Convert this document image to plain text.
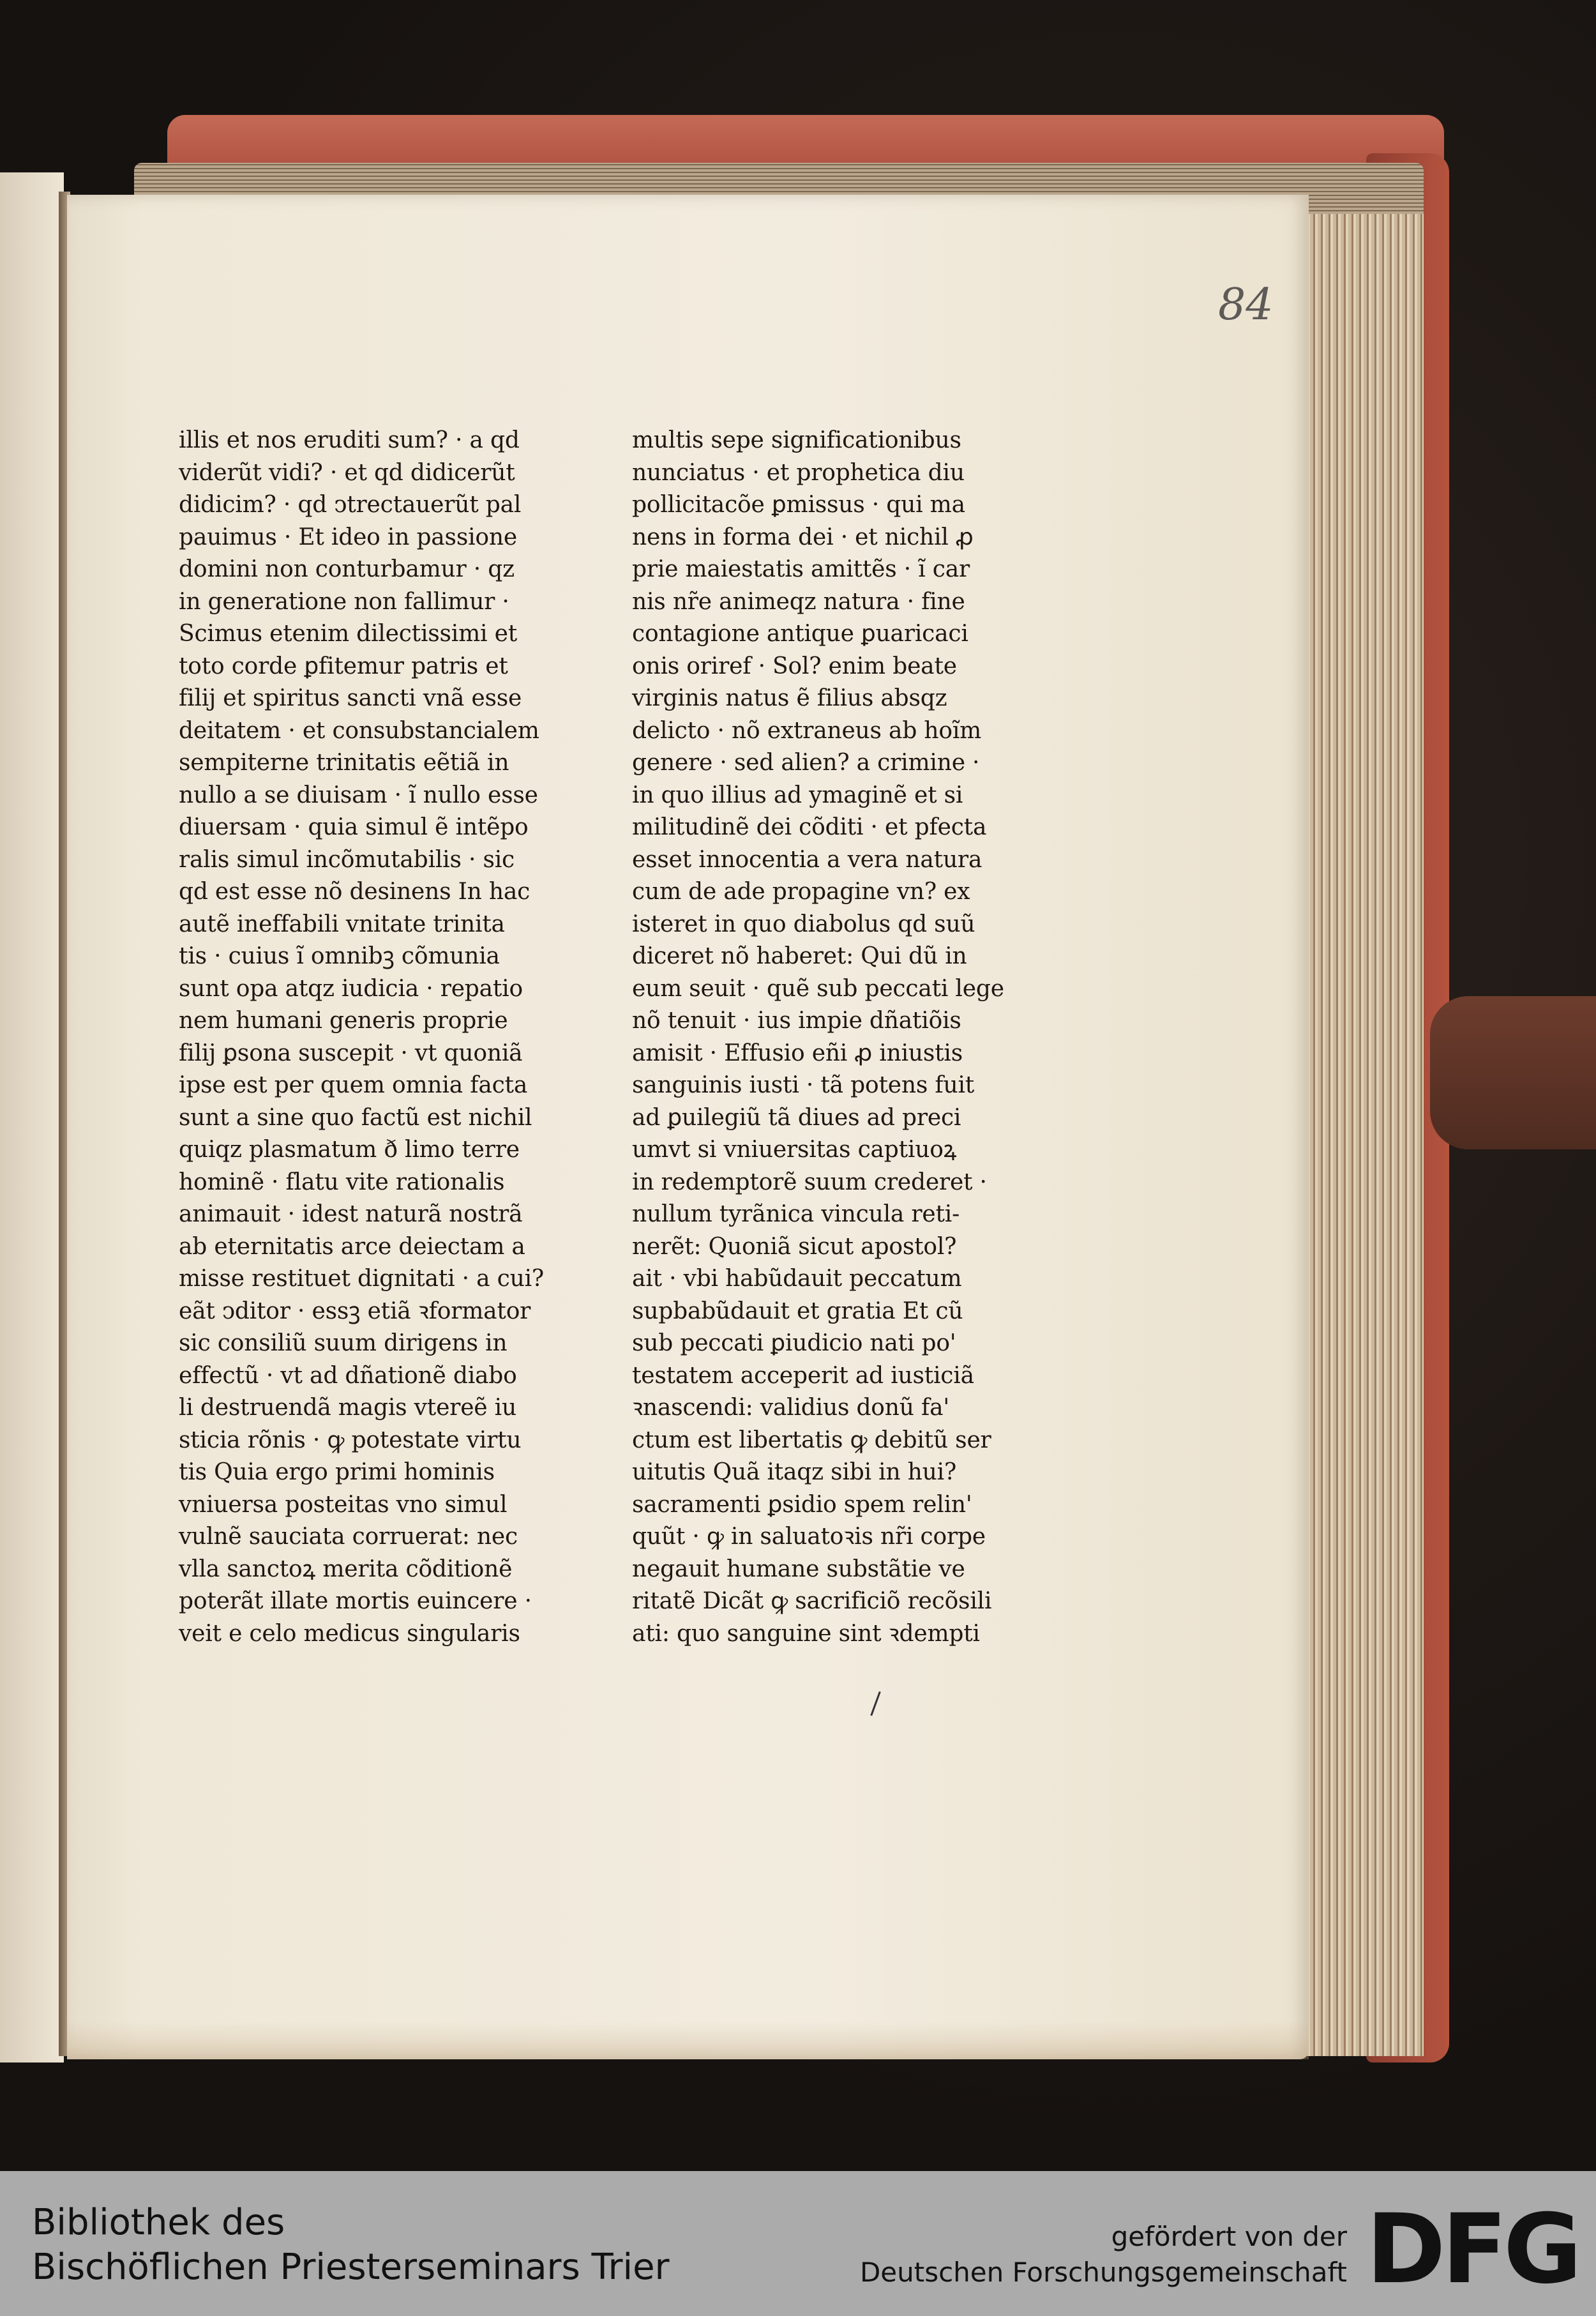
84
illis et nos eruditi sum? · a qd
viderũt vidi? · et qd didicerũt
didicim? · qd ↄtrectauerũt pal
pauimus · Et ideo in passione
domini non conturbamur · qz
in generatione non fallimur ·
Scimus etenim dilectissimi et
toto corde ꝑfitemur patris et
filij et spiritus sancti vnã esse
deitatem · et consubstancialem
sempiterne trinitatis eẽtiã in
nullo a se diuisam · ĩ nullo esse
diuersam · quia simul ẽ intẽpo
ralis simul incõmutabilis · sic
qd est esse nõ desinens In hac
autẽ ineffabili vnitate trinita
tis · cuius ĩ omnibꝫ cõmunia
sunt opa atqz iudicia · repatio
nem humani generis proprie
filij ꝑsona suscepit · vt quoniã
ipse est per quem omnia facta
sunt a sine quo factũ est nichil
quiqz plasmatum ð limo terre
hominẽ · flatu vite rationalis
animauit · idest naturã nostrã
ab eternitatis arce deiectam a
misse restituet dignitati · a cui?
eãt ↄditor · essꝫ etiã ꝛformator
sic consiliũ suum dirigens in
effectũ · vt ad dñationẽ diabo
li destruendã magis vtereẽ iu
sticia rõnis · ꝙ potestate virtu
tis Quia ergo primi hominis
vniuersa posteitas vno simul
vulnẽ sauciata corruerat: nec
vlla sanctoꝝ merita cõditionẽ
poterãt illate mortis euincere ·
veit e celo medicus singularis
multis sepe significationibus
nunciatus · et prophetica diu
pollicitacõe ꝑmissus · qui ma
nens in forma dei · et nichil ꝓ
prie maiestatis amittẽs · ĩ car
nis nr̃e animeqz natura · fine
contagione antique ꝑuaricaci
onis oriref · Sol? enim beate
virginis natus ẽ filius absqz
delicto · nõ extraneus ab hoĩm
genere · sed alien? a crimine ·
in quo illius ad ymaginẽ et si
militudinẽ dei cõditi · et pfecta
esset innocentia a vera natura
cum de ade propagine vn? ex
isteret in quo diabolus qd suũ
diceret nõ haberet: Qui dũ in
eum seuit · quẽ sub peccati lege
nõ tenuit · ius impie dñatiõis
amisit · Effusio eñi ꝓ iniustis
sanguinis iusti · tã potens fuit
ad ꝑuilegiũ tã diues ad preci
umvt si vniuersitas captiuoꝝ
in redemptorẽ suum crederet ·
nullum tyrãnica vincula reti-
nerẽt: Quoniã sicut apostol?
ait · vbi habũdauit peccatum
supbabũdauit et gratia Et cũ
sub peccati ꝑiudicio nati po'
testatem acceperit ad iusticiã
ꝛnascendi: validius donũ fa'
ctum est libertatis ꝙ debitũ ser
uitutis Quã itaqz sibi in hui?
sacramenti ꝑsidio spem relin'
quũt · ꝙ in saluatoꝛis nr̃i corpe
negauit humane substãtie ve
ritatẽ Dicãt ꝙ sacrificiõ recõsili
ati: quo sanguine sint ꝛdempti
Bibliothek des
Bischöflichen Priesterseminars Trier
gefördert von der
Deutschen Forschungsgemeinschaft DFG
